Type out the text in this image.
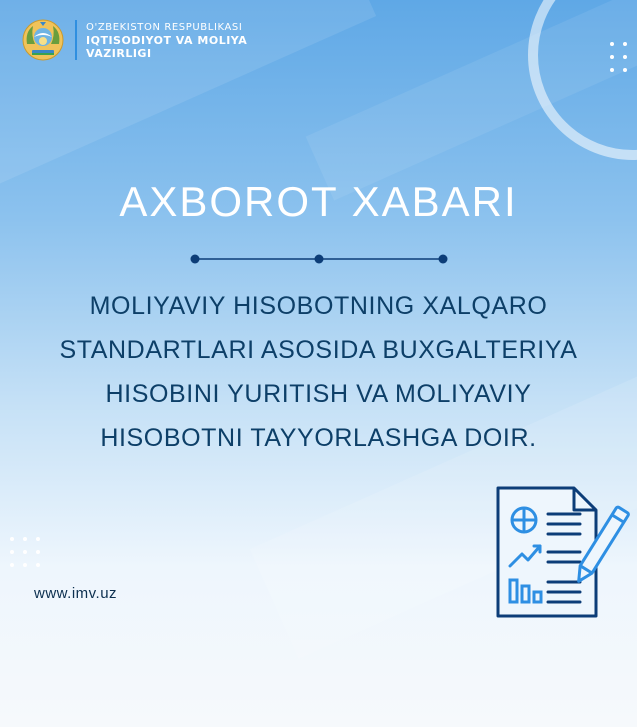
O'ZBEKISTON RESPUBLIKASI
IQTISODIYOT VA MOLIYA
VAZIRLIGI
AXBOROT XABARI
MOLIYAVIY HISOBOTNING XALQARO
STANDARTLARI ASOSIDA BUXGALTERIYA
HISOBINI YURITISH VA MOLIYAVIY
HISOBOTNI TAYYORLASHGA DOIR.
www.imv.uz
